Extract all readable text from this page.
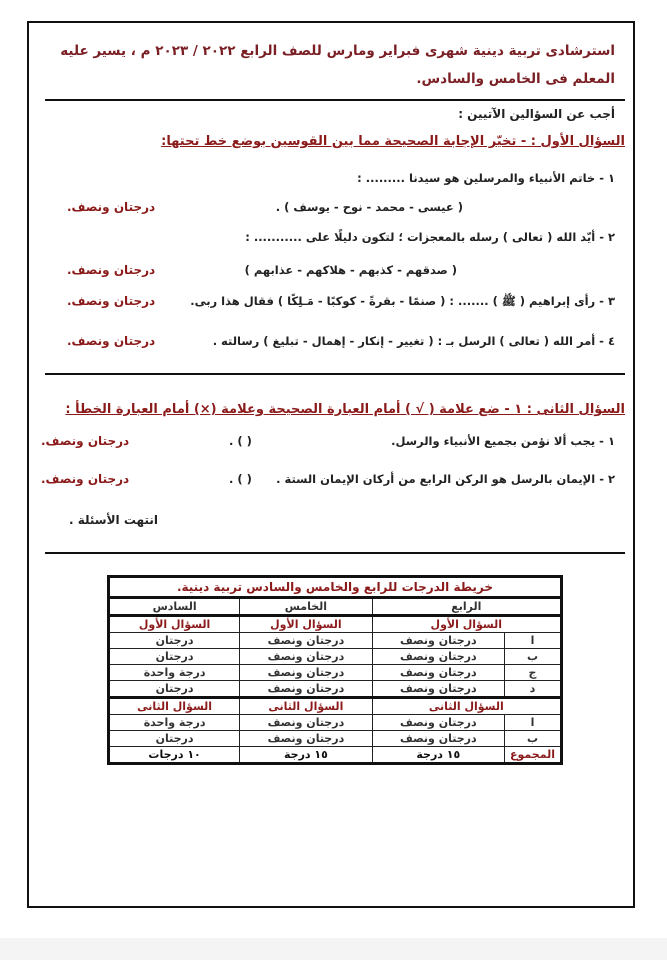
استرشادى تربية دينية شهرى فبراير ومارس للصف الرابع ٢٠٢٢ / ٢٠٢٣ م ، يسير عليه المعلم فى الخامس والسادس.
أجب عن السؤالين الآتيين :
السؤال الأول : - تخيّر الإجابة الصحيحة مما بين القوسين بوضع خط تحتها:
١ - خاتم الأنبياء والمرسلين هو سيدنا ......... :
( عيسى - محمد - نوح - يوسف ) .
درجتان ونصف.
٢ - أيّد الله ( تعالى ) رسله بالمعجزات ؛ لتكون دليلًا على ........... :
( صدقهم - كذبهم - هلاكهم - عذابهم )
درجتان ونصف.
٣ - رأى إبراهيم ( ﷺ ) ....... : ( صنمًا - بقرةً - كوكبًا - مَـلِكًا ) فقال هذا ربى.
درجتان ونصف.
٤ - أمر الله ( تعالى ) الرسل بـ : ( تغيير - إنكار - إهمال - تبليغ ) رسالته .
درجتان ونصف.
السؤال الثانى : ١ - ضع علامة ( √ ) أمام العبارة الصحيحة وعلامة (×) أمام العبارة الخطأ :
١ - يجب ألا نؤمن بجميع الأنبياء والرسل.
( ) .
درجتان ونصف.
٢ - الإيمان بالرسل هو الركن الرابع من أركان الإيمان الستة .
( ) .
درجتان ونصف.
انتهت الأسئلة .
خريطة الدرجات للرابع والخامس والسادس تربية دينية.			
الرابع		الخامس	السادس
السؤال الأول		السؤال الأول	السؤال الأول
ا	درجتان ونصف	درجتان ونصف	درجتان
ب	درجتان ونصف	درجتان ونصف	درجتان
ج	درجتان ونصف	درجتان ونصف	درجة واحدة
د	درجتان ونصف	درجتان ونصف	درجتان
السؤال الثانى		السؤال الثانى	السؤال الثانى
ا	درجتان ونصف	درجتان ونصف	درجة واحدة
ب	درجتان ونصف	درجتان ونصف	درجتان
المجموع	١٥ درجة	١٥ درجة	١٠ درجات
